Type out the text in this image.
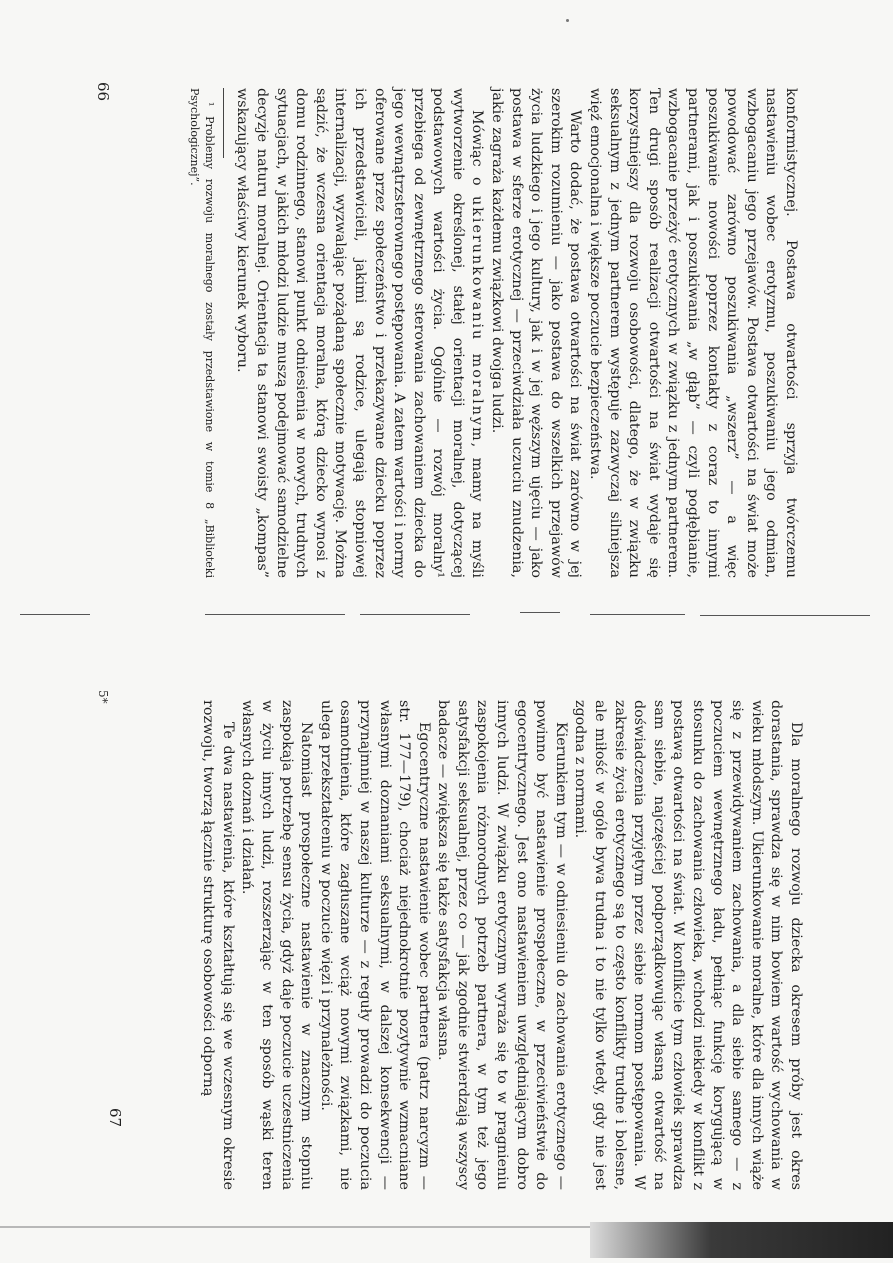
konformistycznej. Postawa otwartości sprzyja twórczemu nastawieniu wobec erotyzmu, poszukiwaniu jego odmian, wzbogacaniu jego przejawów. Postawa otwartości na świat może powodować zarówno poszukiwania „wszerz” — a więc poszukiwanie nowości poprzez kontakty z coraz to innymi partnerami, jak i poszukiwania „w głąb” — czyli pogłębianie, wzbogacanie przeżyć erotycznych w związku z jednym partnerem. Ten drugi sposób realizacji otwartości na świat wydaje się korzystniejszy dla rozwoju osobowości, dlatego, że w związku seksualnym z jednym partnerem występuje zazwyczaj silniejsza więź emocjonalna i większe poczucie bezpieczeństwa.

Warto dodać, że postawa otwartości na świat zarówno w jej szerokim rozumieniu — jako postawa do wszelkich przejawów życia ludzkiego i jego kultury, jak i w jej węższym ujęciu — jako postawa w sferze erotycznej — przeciwdziała uczuciu znudzenia, jakie zagraża każdemu związkowi dwojga ludzi.

Mówiąc o ukierunkowaniu moralnym, mamy na myśli wytworzenie określonej, stałej orientacji moralnej, dotyczącej podstawowych wartości życia. Ogólnie — rozwój moralny¹ przebiega od zewnętrznego sterowania zachowaniem dziecka do jego wewnątrzsterownego postępowania. A zatem wartości i normy oferowane przez społeczeństwo i przekazywane dziecku poprzez ich przedstawicieli, jakimi są rodzice, ulegają stopniowej internalizacji, wyzwalając pożądaną społecznie motywację. Można sądzić, że wczesna orientacja moralna, którą dziecko wynosi z domu rodzinnego, stanowi punkt odniesienia w nowych, trudnych sytuacjach, w jakich młodzi ludzie muszą podejmować samodzielne decyzje naturu moralnej. Orientacja ta stanowi swoisty „kompas” wskazujący właściwy kierunek wyboru.

¹ Problemy rozwoju moralnego zostały przedstawione w tomie 8 „Biblioteki Psychologicznej”.

66

Dla moralnego rozwoju dziecka okresem próby jest okres dorastania, sprawdza się w nim bowiem wartość wychowania w wieku młodszym. Ukierunkowanie moralne, które dla innych wiąże się z przewidywaniem zachowania, a dla siebie samego — z poczuciem wewnętrznego ładu, pełniąc funkcję korygującą w stosunku do zachowania człowieka, wchodzi niekiedy w konflikt z postawą otwartości na świat. W konflikcie tym człowiek sprawdza sam siebie, najczęściej podporządkowując własną otwartość na doświadczenia przyjętym przez siebie normom postępowania. W zakresie życia erotycznego są to często konflikty trudne i bolesne, ale miłość w ogóle bywa trudna i to nie tylko wtedy, gdy nie jest zgodna z normami.

Kierunkiem tym — w odniesieniu do zachowania erotycznego — powinno być nastawienie prospołeczne, w przeciwieństwie do egocentrycznego. Jest ono nastawieniem uwzględniającym dobro innych ludzi. W związku erotycznym wyraża się to w pragnieniu zaspokojenia różnorodnych potrzeb partnera, w tym też jego satysfakcji seksualnej, przez co — jak zgodnie stwierdzają wszyscy badacze — zwiększa się także satysfakcja własna.

Egocentryczne nastawienie wobec partnera (patrz narcyzm — str. 177—179), chociaż niejednokrotnie pozytywnie wzmacniane własnymi doznaniami seksualnymi, w dalszej konsekwencji — przynajmniej w naszej kulturze — z reguły prowadzi do poczucia osamotnienia, które zagłuszane wciąż nowymi związkami, nie ulega przekształceniu w poczucie więzi i przynależności.

Natomiast prospołeczne nastawienie w znacznym stopniu zaspokaja potrzebę sensu życia, gdyż daje poczucie uczestniczenia w życiu innych ludzi, rozszerzając w ten sposób wąski teren własnych doznań i działań.

Te dwa nastawienia, które kształtują się we wczesnym okresie rozwoju, tworzą łącznie strukturę osobowości odporną

5*
67
